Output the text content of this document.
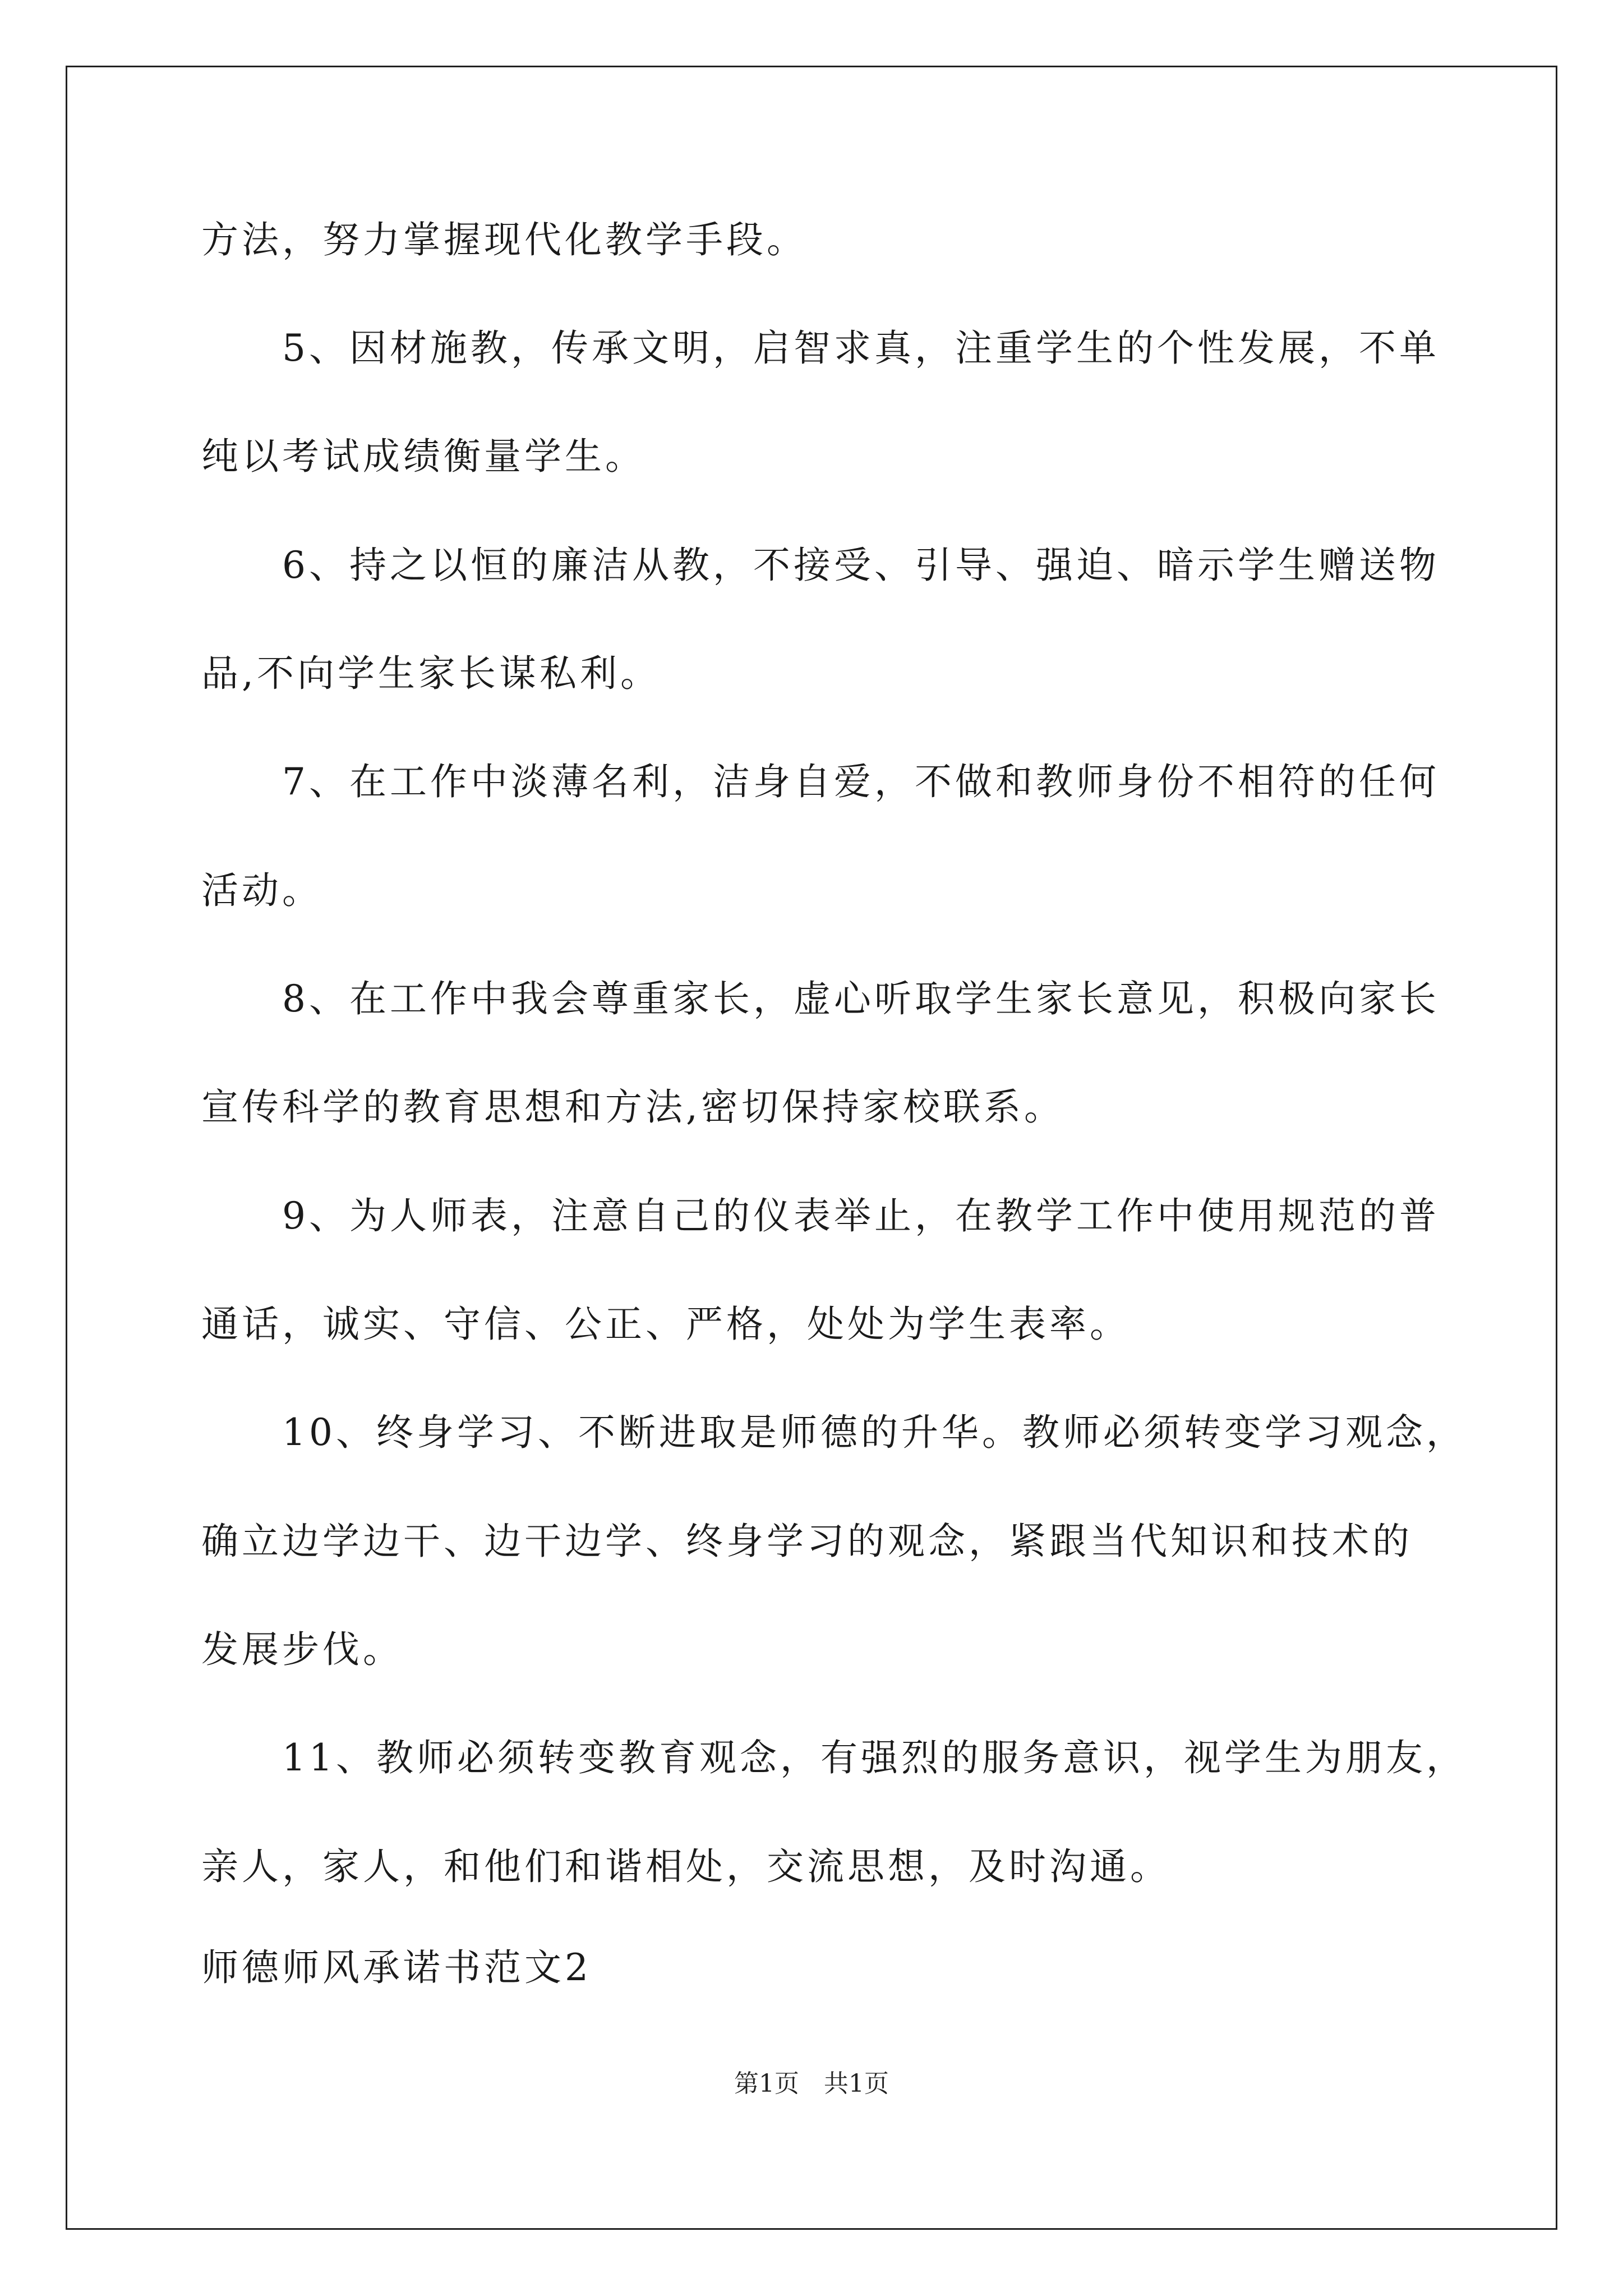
方法，努力掌握现代化教学手段。
　　5、因材施教，传承文明，启智求真，注重学生的个性发展，不单
纯以考试成绩衡量学生。
　　6、持之以恒的廉洁从教，不接受、引导、强迫、暗示学生赠送物
品,不向学生家长谋私利。
　　7、在工作中淡薄名利，洁身自爱，不做和教师身份不相符的任何
活动。
　　8、在工作中我会尊重家长，虚心听取学生家长意见，积极向家长
宣传科学的教育思想和方法,密切保持家校联系。
　　9、为人师表，注意自己的仪表举止，在教学工作中使用规范的普
通话，诚实、守信、公正、严格，处处为学生表率。
　　10、终身学习、不断进取是师德的升华。教师必须转变学习观念，
确立边学边干、边干边学、终身学习的观念，紧跟当代知识和技术的
发展步伐。
　　11、教师必须转变教育观念，有强烈的服务意识，视学生为朋友，
亲人，家人，和他们和谐相处，交流思想，及时沟通。
师德师风承诺书范文2
第1页　共1页
